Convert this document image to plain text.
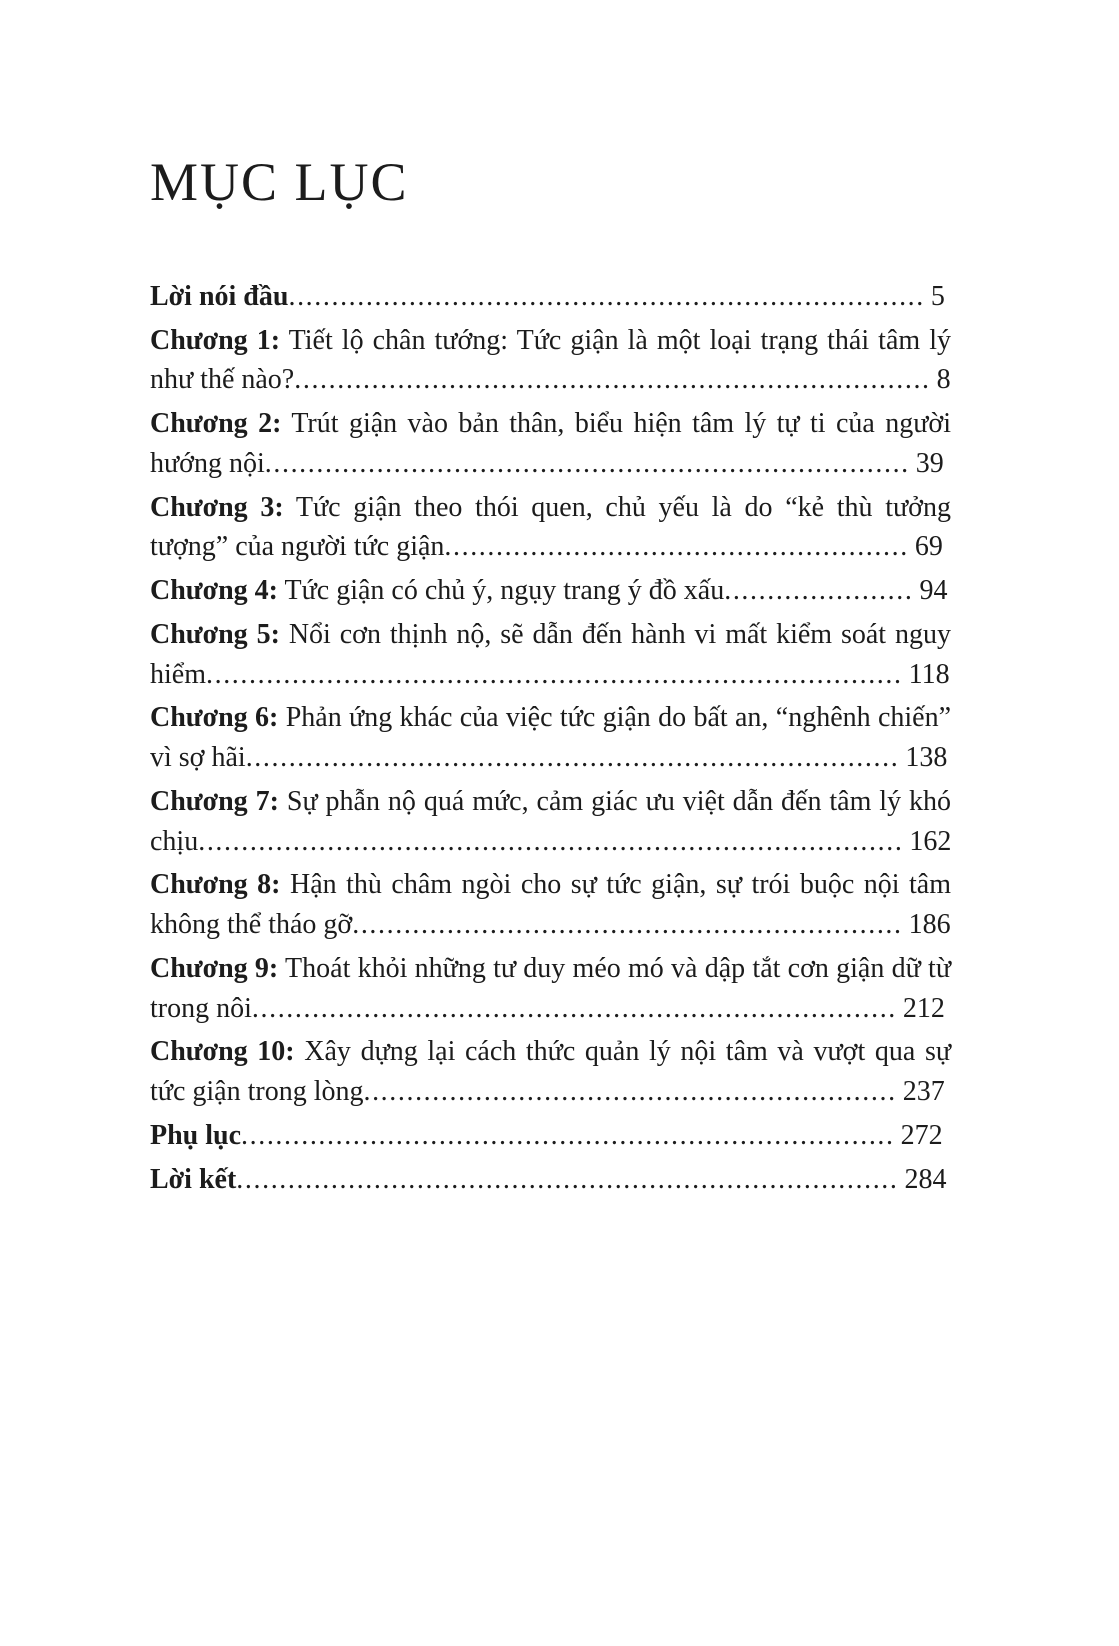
MỤC LỤC
Lời nói đầu.......................................................................... 5
Chương 1: Tiết lộ chân tướng: Tức giận là một loại trạng thái tâm lý như thế nào?.......................................................................... 8
Chương 2: Trút giận vào bản thân, biểu hiện tâm lý tự ti của người hướng nội........................................................................... 39
Chương 3: Tức giận theo thói quen, chủ yếu là do “kẻ thù tưởng tượng” của người tức giận...................................................... 69
Chương 4: Tức giận có chủ ý, ngụy trang ý đồ xấu...................... 94
Chương 5: Nổi cơn thịnh nộ, sẽ dẫn đến hành vi mất kiểm soát nguy hiểm................................................................................. 118
Chương 6: Phản ứng khác của việc tức giận do bất an, “nghênh chiến” vì sợ hãi............................................................................ 138
Chương 7: Sự phẫn nộ quá mức, cảm giác ưu việt dẫn đến tâm lý khó chịu.................................................................................. 162
Chương 8: Hận thù châm ngòi cho sự tức giận, sự trói buộc nội tâm không thể tháo gỡ................................................................ 186
Chương 9: Thoát khỏi những tư duy méo mó và dập tắt cơn giận dữ từ trong nôi........................................................................... 212
Chương 10: Xây dựng lại cách thức quản lý nội tâm và vượt qua sự tức giận trong lòng.............................................................. 237
Phụ lục............................................................................ 272
Lời kết............................................................................. 284
